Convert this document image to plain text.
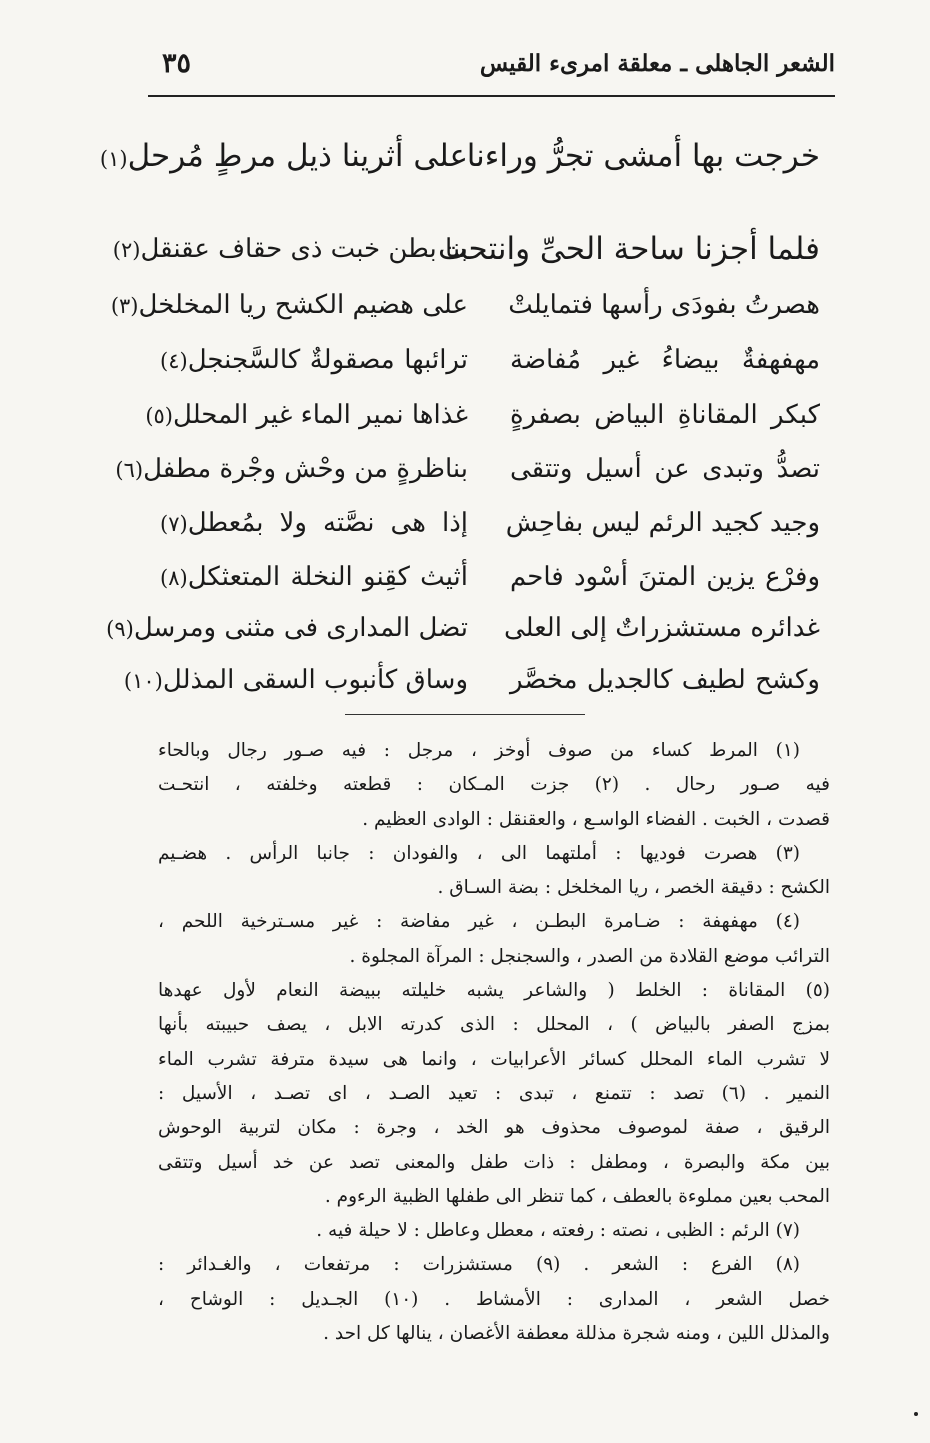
الشعر الجاهلى ـ معلقة امرىء القيس
٣٥
خرجت بها أمشى تجرُّ وراءنا
على أثرينا ذيل مرطٍ مُرحل(١)
فلما أجزنا ساحة الحىِّ وانتحت
بنا بطن خبت ذى حقاف عقنقل(٢)
هصرتُ بفودَى رأسها فتمايلتْ
على هضيم الكشح ريا المخلخل(٣)
مهفهفةٌ بيضاءُ غير مُفاضة
ترائبها مصقولةٌ كالسَّجنجل(٤)
كبكر المقاناةِ البياض بصفرةٍ
غذاها نمير الماء غير المحلل(٥)
تصدُّ وتبدى عن أسيل وتتقى
بناظرةٍ من وحْش وجْرة مطفل(٦)
وجيد كجيد الرئم ليس بفاحِش
إذا هى نصَّته ولا بمُعطل(٧)
وفرْع يزين المتنَ أسْود فاحم
أثيث كقِنو النخلة المتعثكل(٨)
غدائره مستشزراتٌ إلى العلى
تضل المدارى فى مثنى ومرسل(٩)
وكشح لطيف كالجديل مخصَّر
وساق كأنبوب السقى المذلل(١٠)
(١) المرط كساء من صوف أوخز ، مرجل : فيه صـور رجال وبالحاء
فيه صـور رحال . (٢) جزت المـكان : قطعته وخلفته ، انتحـت
قصدت ، الخبت . الفضاء الواسـع ، والعقنقل : الوادى العظيم .
(٣) هصرت فوديها : أملتهما الى ، والفودان : جانبا الرأس . هضـيم
الكشح : دقيقة الخصر ، ريا المخلخل : بضة السـاق .
(٤) مهفهفة : ضـامرة البطـن ، غير مفاضة : غير مسـترخية اللحم ،
الترائب موضع القلادة من الصدر ، والسجنجل : المرآة المجلوة .
(٥) المقاناة : الخلط ( والشاعر يشبه خليلته ببيضة النعام لأول عهدها
بمزج الصفر بالبياض ) ، المحلل : الذى كدرته الابل ، يصف حبيبته بأنها
لا تشرب الماء المحلل كسائر الأعرابيات ، وانما هى سيدة مترفة تشرب الماء
النمير . (٦) تصد : تتمنع ، تبدى : تعيد الصـد ، اى تصـد ، الأسيل :
الرقيق ، صفة لموصوف محذوف هو الخد ، وجرة : مكان لتربية الوحوش
بين مكة والبصرة ، ومطفل : ذات طفل والمعنى تصد عن خد أسيل وتتقى
المحب بعين مملوءة بالعطف ، كما تنظر الى طفلها الظبية الرءوم .
(٧) الرئم : الظبى ، نصته : رفعته ، معطل وعاطل : لا حيلة فيه .
(٨) الفرع : الشعر . (٩) مستشزرات : مرتفعات ، والغـدائر :
خصل الشعر ، المدارى : الأمشاط . (١٠) الجـديل : الوشاح ،
والمذلل اللين ، ومنه شجرة مذللة معطفة الأغصان ، ينالها كل احد .
